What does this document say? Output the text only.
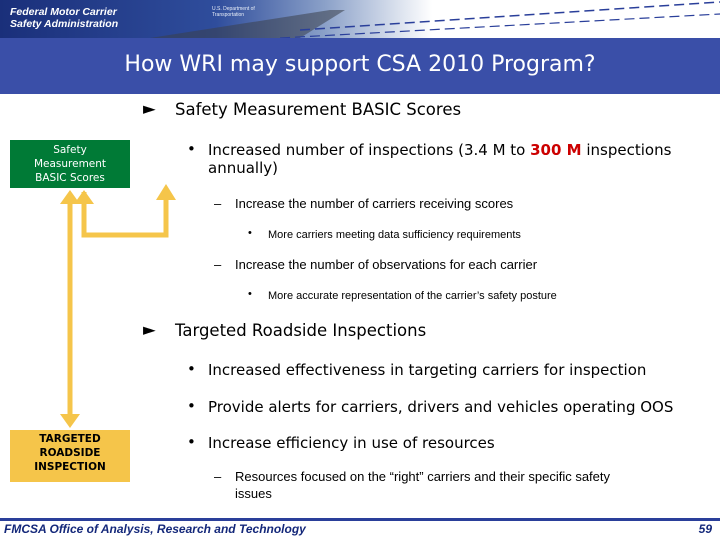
Federal Motor Carrier
Safety Administration
U.S. Department of
Transportation
How WRI may support CSA 2010 Program?
Safety
Measurement
BASIC Scores
TARGETED
ROADSIDE
INSPECTION
► Safety Measurement BASIC Scores
• Increased number of inspections (3.4 M to 300 M inspections
annually)
– Increase the number of carriers receiving scores
• More carriers meeting data sufficiency requirements
– Increase the number of observations for each carrier
• More accurate representation of the carrier’s safety posture
► Targeted Roadside Inspections
• Increased effectiveness in targeting carriers for inspection
• Provide alerts for carriers, drivers and vehicles operating OOS
• Increase efficiency in use of resources
– Resources focused on the “right” carriers and their specific safety
issues
FMCSA Office of Analysis, Research and Technology	59
